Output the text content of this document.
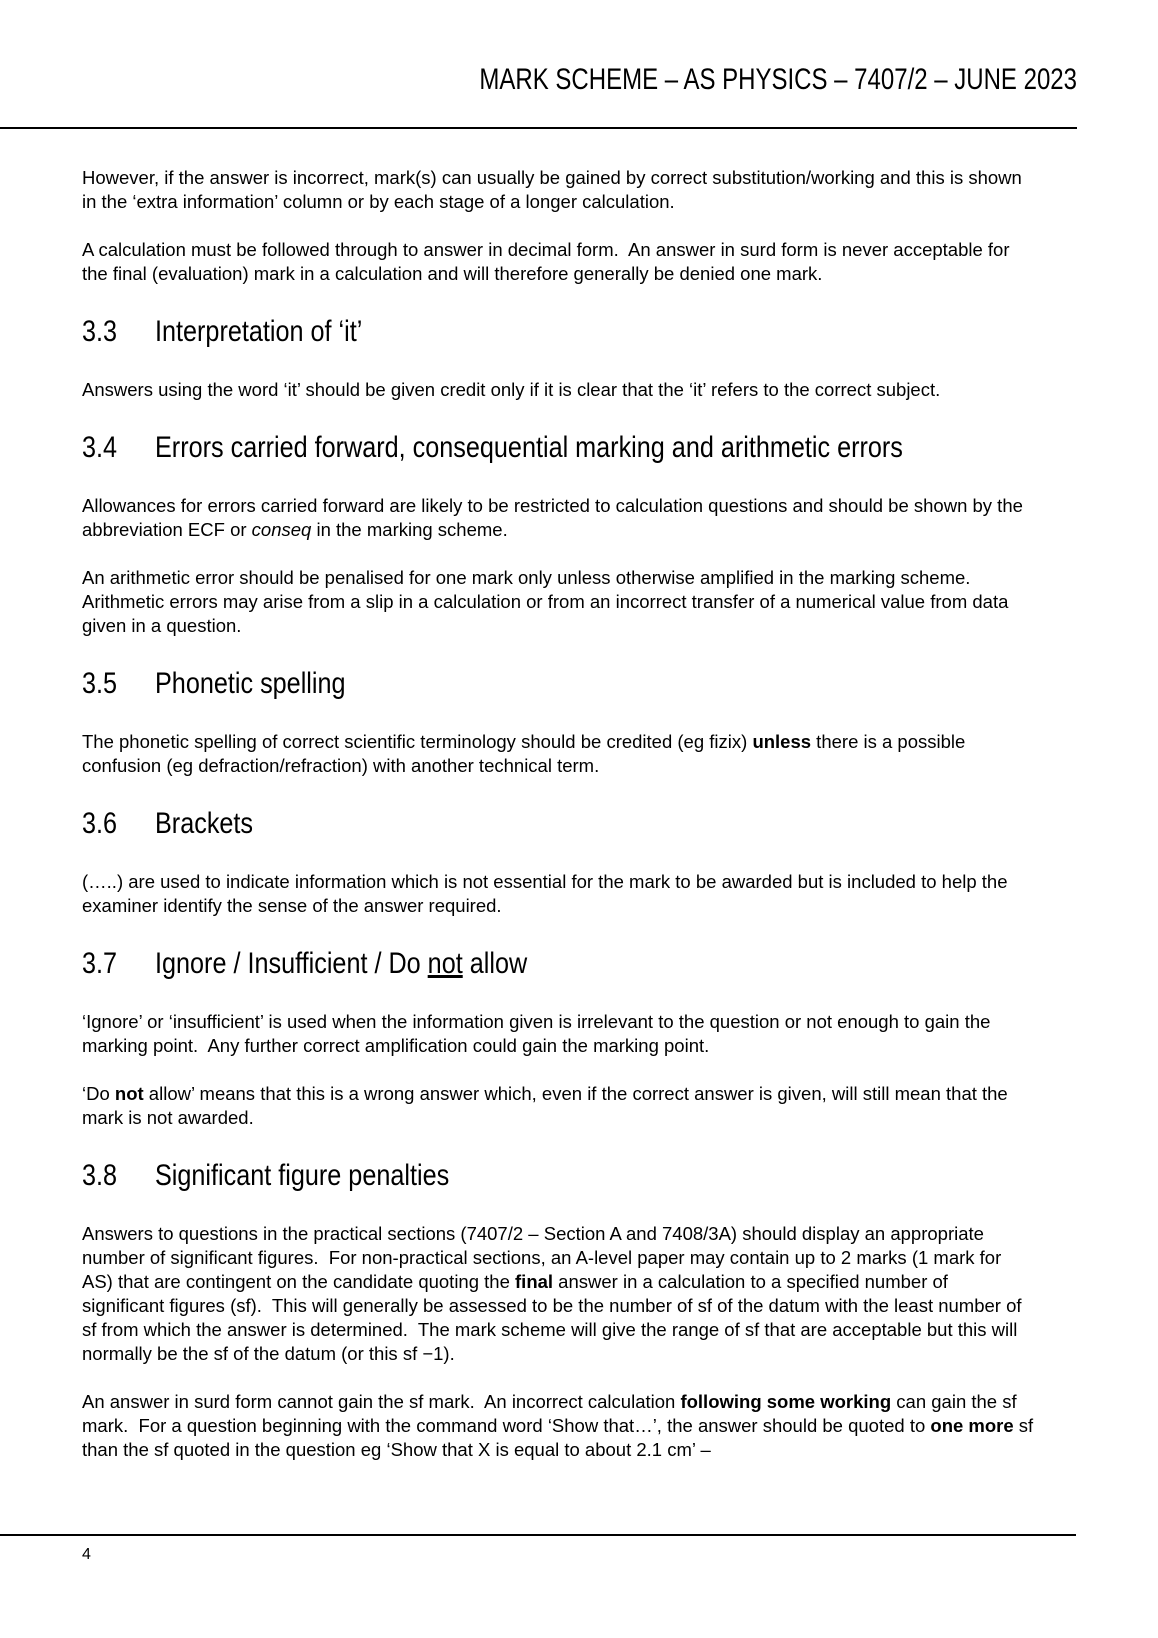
MARK SCHEME – AS PHYSICS – 7407/2 – JUNE 2023

However, if the answer is incorrect, mark(s) can usually be gained by correct substitution/working and this is shown in the ‘extra information’ column or by each stage of a longer calculation.

A calculation must be followed through to answer in decimal form.  An answer in surd form is never acceptable for the final (evaluation) mark in a calculation and will therefore generally be denied one mark.

3.3	Interpretation of ‘it’

Answers using the word ‘it’ should be given credit only if it is clear that the ‘it’ refers to the correct subject.

3.4	Errors carried forward, consequential marking and arithmetic errors

Allowances for errors carried forward are likely to be restricted to calculation questions and should be shown by the abbreviation ECF or conseq in the marking scheme.

An arithmetic error should be penalised for one mark only unless otherwise amplified in the marking scheme.  Arithmetic errors may arise from a slip in a calculation or from an incorrect transfer of a numerical value from data given in a question.

3.5	Phonetic spelling

The phonetic spelling of correct scientific terminology should be credited (eg fizix) unless there is a possible confusion (eg defraction/refraction) with another technical term.

3.6	Brackets

(…..) are used to indicate information which is not essential for the mark to be awarded but is included to help the examiner identify the sense of the answer required.

3.7	Ignore / Insufficient / Do not allow

‘Ignore’ or ‘insufficient’ is used when the information given is irrelevant to the question or not enough to gain the marking point.  Any further correct amplification could gain the marking point.

‘Do not allow’ means that this is a wrong answer which, even if the correct answer is given, will still mean that the mark is not awarded.

3.8	Significant figure penalties

Answers to questions in the practical sections (7407/2 – Section A and 7408/3A) should display an appropriate number of significant figures.  For non-practical sections, an A-level paper may contain up to 2 marks (1 mark for AS) that are contingent on the candidate quoting the final answer in a calculation to a specified number of significant figures (sf).  This will generally be assessed to be the number of sf of the datum with the least number of sf from which the answer is determined.  The mark scheme will give the range of sf that are acceptable but this will normally be the sf of the datum (or this sf −1).

An answer in surd form cannot gain the sf mark.  An incorrect calculation following some working can gain the sf mark.  For a question beginning with the command word ‘Show that…’, the answer should be quoted to one more sf than the sf quoted in the question eg ‘Show that X is equal to about 2.1 cm’ –

4
